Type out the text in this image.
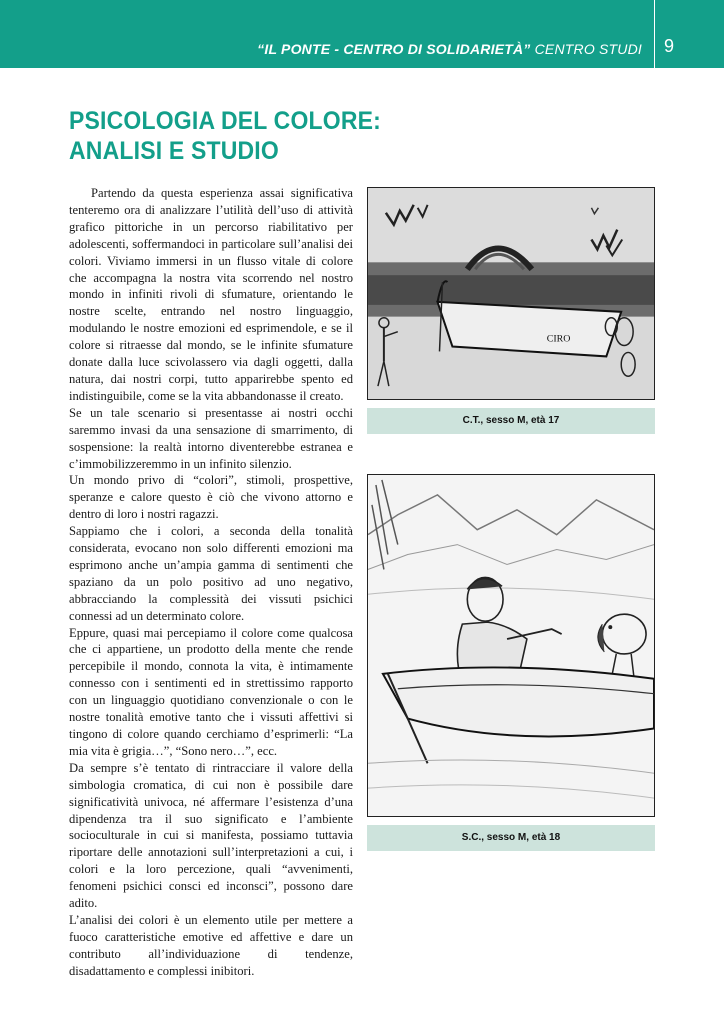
“IL PONTE - CENTRO DI SOLIDARIETÀ” CENTRO STUDI 9
PSICOLOGIA DEL COLORE:
ANALISI E STUDIO

Partendo da questa esperienza assai significativa tenteremo ora di analizzare l’utilità dell’uso di attività grafico pittoriche in un percorso riabilitativo per adolescenti, soffermandoci in particolare sull’analisi dei colori. Viviamo immersi in un flusso vitale di colore che accompagna la nostra vita scorrendo nel nostro mondo in infiniti rivoli di sfumature, orientando le nostre scelte, entrando nel nostro linguaggio, modulando le nostre emozioni ed esprimendole, e se il colore si ritraesse dal mondo, se le infinite sfumature donate dalla luce scivolassero via dagli oggetti, dalla natura, dai nostri corpi, tutto apparirebbe spento ed indistinguibile, come se la vita abbandonasse il creato.

Se un tale scenario si presentasse ai nostri occhi saremmo invasi da una sensazione di smarrimento, di sospensione: la realtà intorno diventerebbe estranea e c’immobilizzeremmo in un infinito silenzio.

Un mondo privo di “colori”, stimoli, prospettive, speranze e calore questo è ciò che vivono attorno e dentro di loro i nostri ragazzi.

Sappiamo che i colori, a seconda della tonalità considerata, evocano non solo differenti emozioni ma esprimono anche un’ampia gamma di sentimenti che spaziano da un polo positivo ad uno negativo, abbracciando la complessità dei vissuti psichici connessi ad un determinato colore.

Eppure, quasi mai percepiamo il colore come qualcosa che ci appartiene, un prodotto della mente che rende percepibile il mondo, connota la vita, è intimamente connesso con i sentimenti ed in strettissimo rapporto con un linguaggio quotidiano convenzionale o con le nostre tonalità emotive tanto che i vissuti affettivi si tingono di colore quando cerchiamo d’esprimerli: “La mia vita è grigia…”, “Sono nero…”, ecc.

Da sempre s’è tentato di rintracciare il valore della simbologia cromatica, di cui non è possibile dare significatività univoca, né affermare l’esistenza d’una dipendenza tra il suo significato e l’ambiente socioculturale in cui si manifesta, possiamo tuttavia riportare delle annotazioni sull’interpretazioni a cui, i colori e la loro percezione, quali “avvenimenti, fenomeni psichici consci ed inconsci”, possono dare adito.

L’analisi dei colori è un elemento utile per mettere a fuoco caratteristiche emotive ed affettive e dare un contributo all’individuazione di tendenze, disadattamento e complessi inibitori.

CIRO
C.T., sesso M, età 17
S.C., sesso M, età 18
